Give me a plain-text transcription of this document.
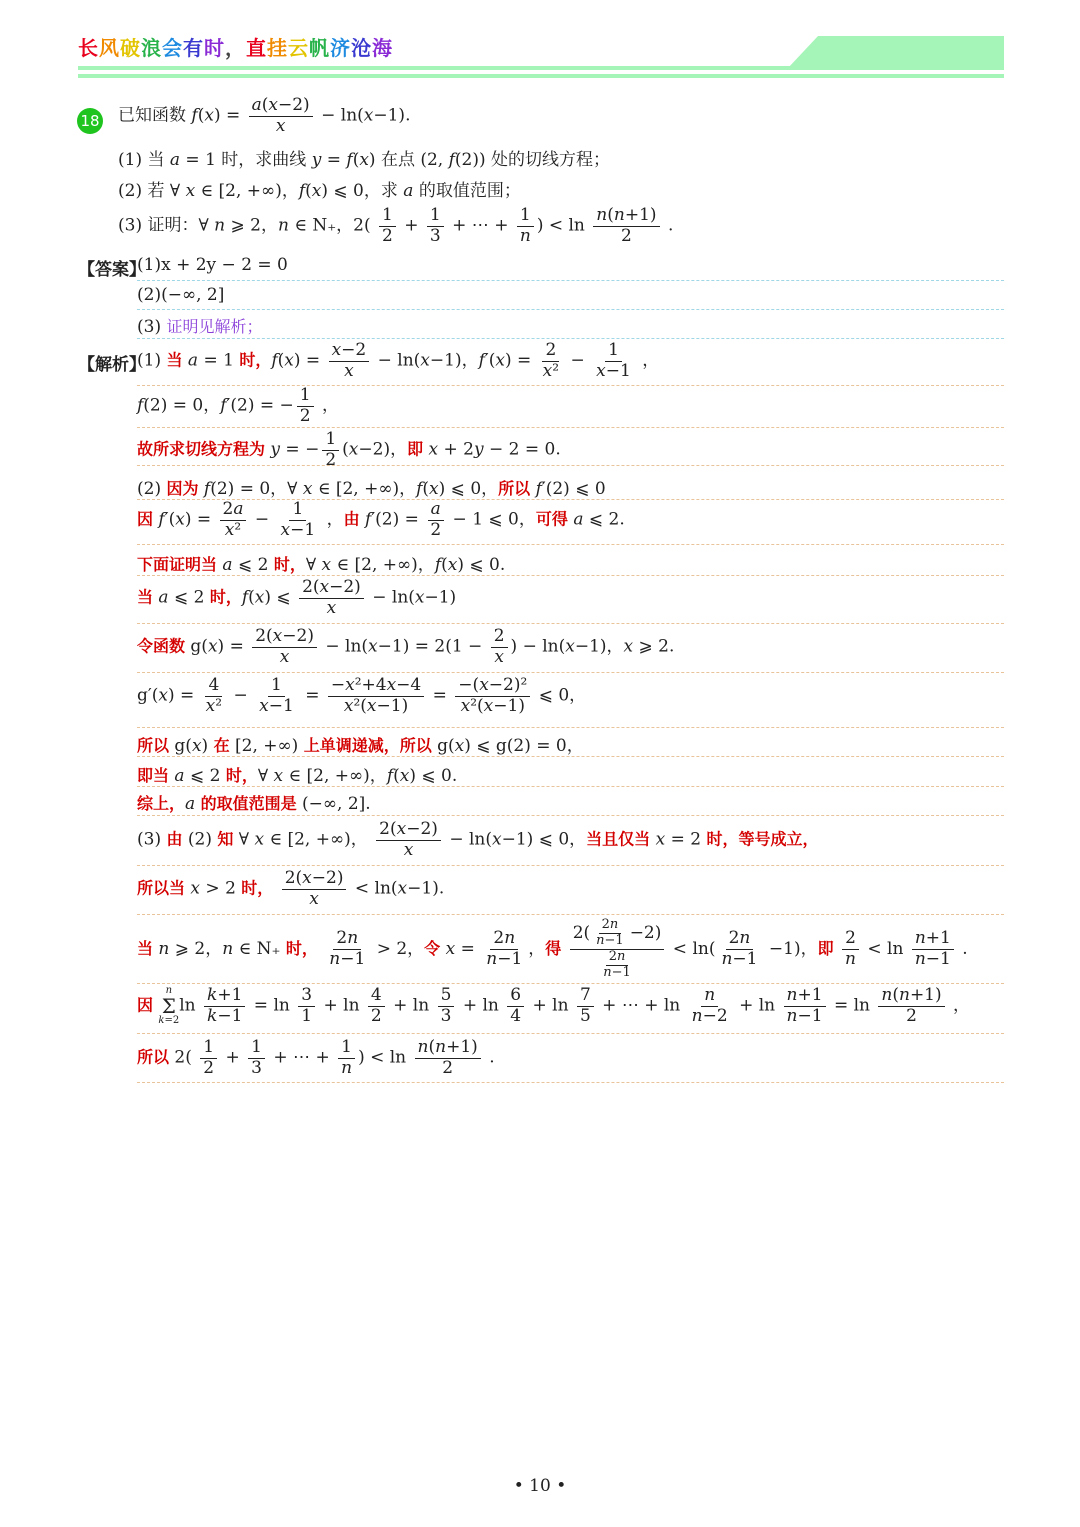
长风破浪会有时，直挂云帆济沧海
18 已知函数 $f(x) = \frac{a(x-2)}{x} - \ln(x-1)$.
(1) 当 a = 1 时，求曲线 y = f(x) 在点 (2, f(2)) 处的切线方程；
(2) 若 ∀ x ∈ [2, +∞)，f(x) ⩽ 0，求 a 的取值范围；
(3) 证明：∀ n ⩾ 2，n ∈ N₊，$2( \frac{1}{2} + \frac{1}{3}$ + ⋯ + $\frac{1}{n}$ ) < $\ln \frac{n(n+1)}{2}$ .
【答案】
(1)x + 2y − 2 = 0
(2)(−∞, 2]
(3) 证明见解析；
【解析】
(1) 当 a = 1 时，$f(x) = \frac{x-2}{x} - \ln(x-1)$，$f'(x) = \frac{2}{\text{x²}} - \frac{1}{x-1}$ ，
f(2) = 0，f′(2) = − $\frac{1}{2}$ ，
故所求切线方程为 y = − $\frac{1}{2} (x-2)$，即 x + 2y − 2 = 0.
(2) 因为 f(2) = 0，∀ x ∈ [2, +∞)，f(x) ⩽ 0，所以 f′(2) ⩽ 0
因 $f'(x) = \frac{2a}{\text{x²}} - \frac{1}{x-1}$ ，由 $f'(2) = \frac{a}{2} - 1$ ⩽ 0，可得 a ⩽ 2.
下面证明当 a ⩽ 2 时，∀ x ∈ [2, +∞)，f(x) ⩽ 0.
当 a ⩽ 2 时，f(x) ⩽ $\frac{2(x-2)}{x} - \ln(x-1)$
令函数 $g(x) = \frac{2(x-2)}{x} - \ln(x-1) = 2(1 - \frac{2}{x}$ ) − ln(x−1)，x ⩾ 2.
$g'(x) = \frac{4}{\text{x²}} - \frac{1}{x-1} = \frac{\text{−x²+4x−4}}{\text{x²(x−1)}} = \frac{\text{−(x−2)²}}{\text{x²(x−1)}}$ ⩽ 0，
所以 g(x) 在 [2, +∞) 上单调递减，所以 g(x) ⩽ g(2) = 0，
即当 a ⩽ 2 时，∀ x ∈ [2, +∞)，f(x) ⩽ 0.
综上，a 的取值范围是 (−∞, 2].
(3) 由 (2) 知 ∀ x ∈ [2, +∞)， $\frac{2(x-2)}{x} - \ln(x-1)$ ⩽ 0，当且仅当 x = 2 时，等号成立，
所以当 x > 2 时， $\frac{2(x-2)}{x} < \ln(x-1)$.
当 n ⩾ 2，n ∈ N₊ 时， $\frac{2n}{n-1} > 2$，令 $x = \frac{2n}{n-1}$ ，得 $\frac{2( \frac{2n}{n-1} -2)}{\frac{2n}{n-1}} < \ln( \frac{2n}{n-1} -1)$，即 $\frac{2}{n} < \ln \frac{n+1}{n-1}$ .
因
n
Σ
k=2
$\ln \frac{k+1}{k-1} = \ln \frac{3}{1} + \ln \frac{4}{2} + \ln \frac{5}{3} + \ln \frac{6}{4} + \ln \frac{7}{5}$ + ⋯ + $\ln \frac{n}{n-2} + \ln \frac{n+1}{n-1} = \ln \frac{n(n+1)}{2}$ ，
所以 $2( \frac{1}{2} + \frac{1}{3}$ + ⋯ + $\frac{1}{n}$ ) < $\ln \frac{n(n+1)}{2}$ .
• 10 •
